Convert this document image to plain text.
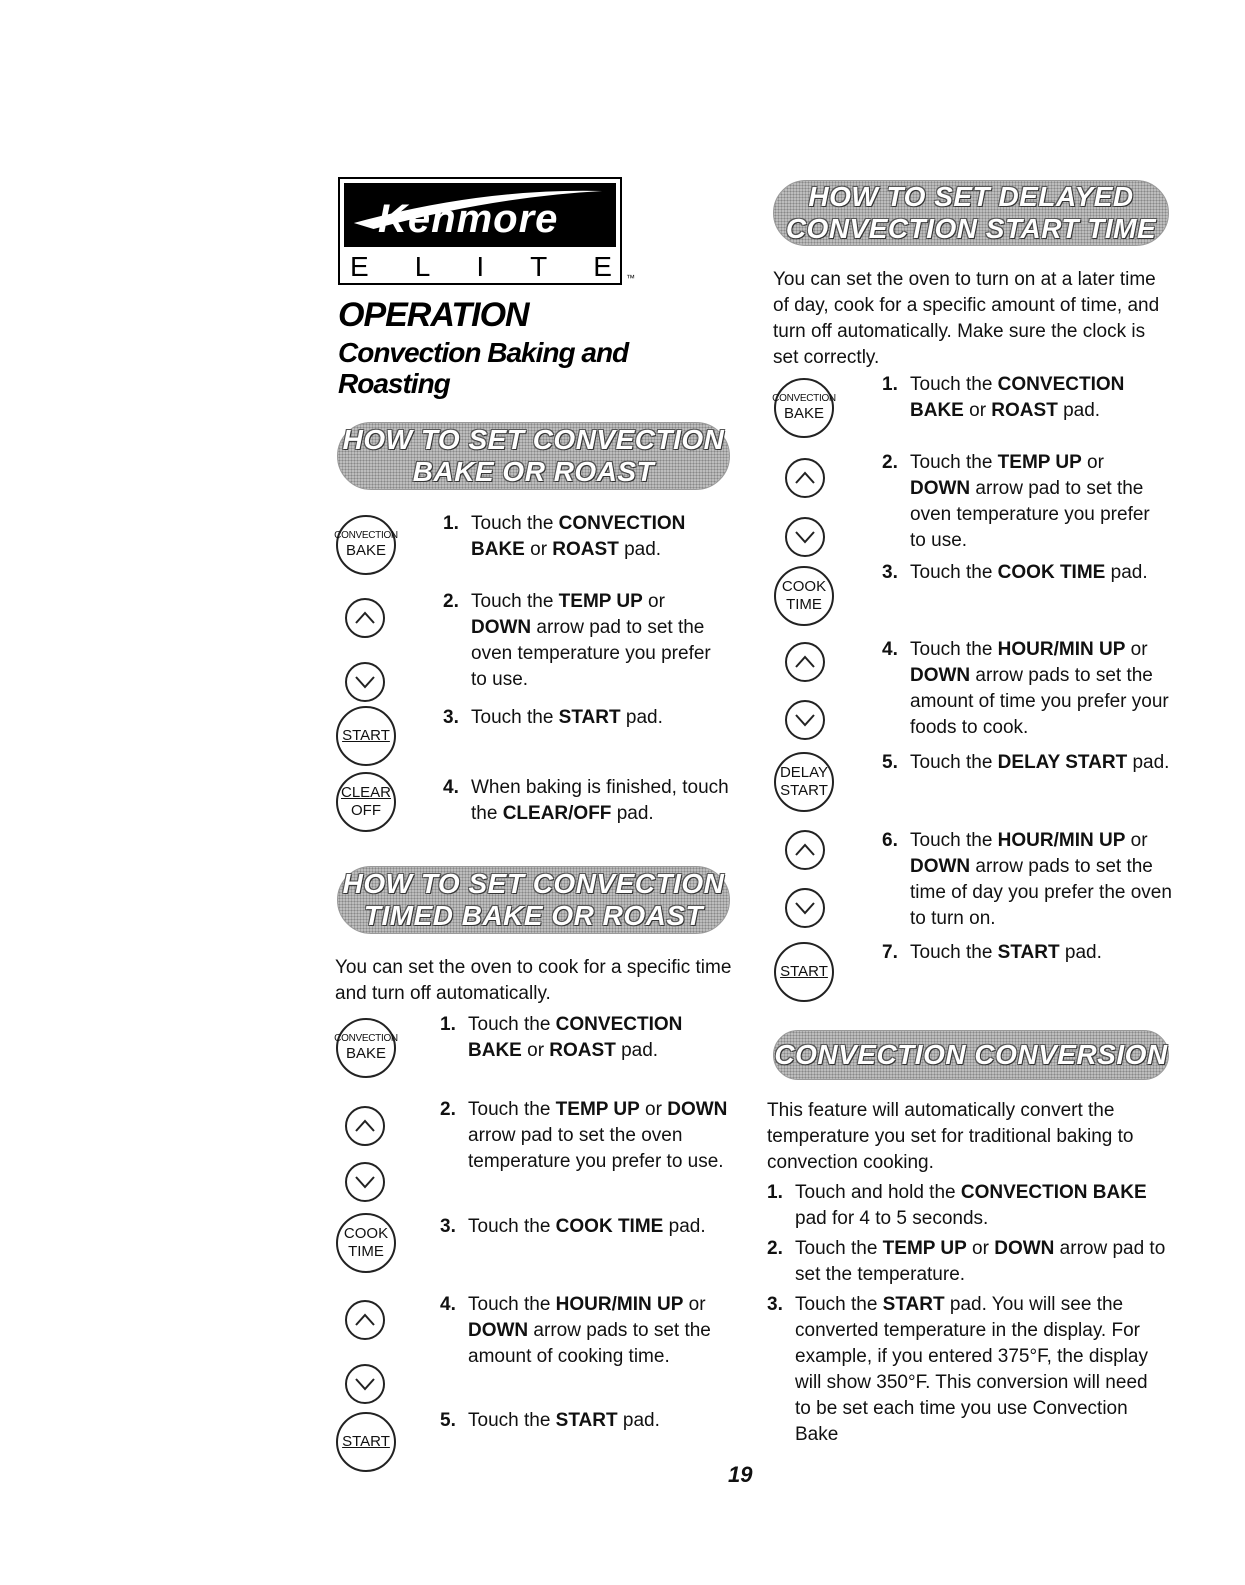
Kenmore
E L I T E ™
OPERATION
Convection Baking and Roasting
HOW TO SET CONVECTION
BAKE OR ROAST
CONVECTION
BAKE
1. Touch the CONVECTION BAKE or ROAST pad.
2. Touch the TEMP UP or DOWN arrow pad to set the oven temperature you prefer to use.
START
3. Touch the START pad.
CLEAR
OFF
4. When baking is finished, touch the CLEAR/OFF pad.
HOW TO SET CONVECTION
TIMED BAKE OR ROAST

You can set the oven to cook for a specific time and turn off automatically.

CONVECTION
BAKE
1. Touch the CONVECTION BAKE or ROAST pad.
2. Touch the TEMP UP or DOWN arrow pad to set the oven temperature you prefer to use.
COOK
TIME
3. Touch the COOK TIME pad.
4. Touch the HOUR/MIN UP or DOWN arrow pads to set the amount of cooking time.
START
5. Touch the START pad.
HOW TO SET DELAYED
CONVECTION START TIME

You can set the oven to turn on at a later time of day, cook for a specific amount of time, and turn off automatically. Make sure the clock is set correctly.

CONVECTION
BAKE
1. Touch the CONVECTION BAKE or ROAST pad.
2. Touch the TEMP UP or DOWN arrow pad to set the oven temperature you prefer to use.
COOK
TIME
3. Touch the COOK TIME pad.
4. Touch the HOUR/MIN UP or DOWN arrow pads to set the amount of time you prefer your foods to cook.
DELAY
START
5. Touch the DELAY START pad.
6. Touch the HOUR/MIN UP or DOWN arrow pads to set the time of day you prefer the oven to turn on.
START
7. Touch the START pad.
CONVECTION CONVERSION

This feature will automatically convert the temperature you set for traditional baking to convection cooking.

1. Touch and hold the CONVECTION BAKE pad for 4 to 5 seconds.
2. Touch the TEMP UP or DOWN arrow pad to set the temperature.
3. Touch the START pad. You will see the converted temperature in the display. For example, if you entered 375°F, the display will show 350°F. This conversion will need to be set each time you use Convection Bake
19
